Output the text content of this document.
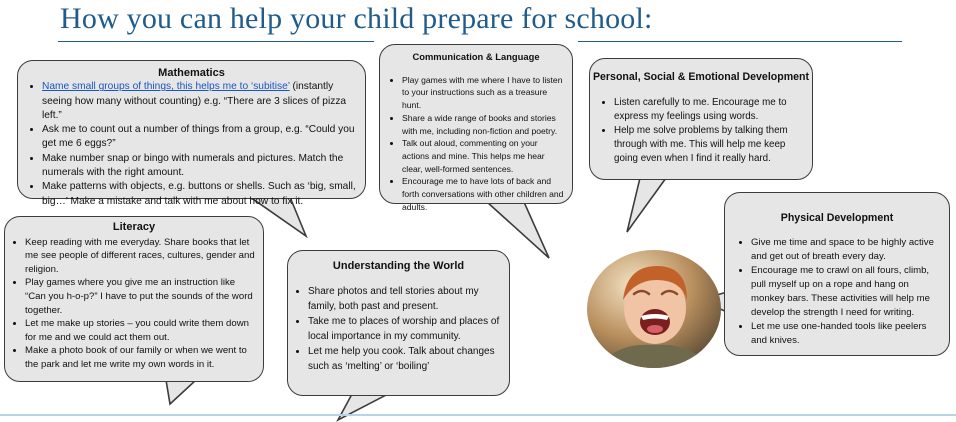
How you can help your child prepare for school:

Mathematics

• Name small groups of things, this helps me to ‘subitise’ (instantly seeing how many without counting) e.g. “There are 3 slices of pizza left.”
• Ask me to count out a number of things from a group, e.g. “Could you get me 6 eggs?”
• Make number snap or bingo with numerals and pictures. Match the numerals with the right amount.
• Make patterns with objects, e.g. buttons or shells. Such as ‘big, small, big…’ Make a mistake and talk with me about how to fix it.

Literacy

• Keep reading with me everyday. Share books that let me see people of different races, cultures, gender and religion.
• Play games where you give me an instruction like “Can you h-o-p?” I have to put the sounds of the word together.
• Let me make up stories – you could write them down for me and we could act them out.
• Make a photo book of our family or when we went to the park and let me write my own words in it.

Communication & Language

• Play games with me where I have to listen to your instructions such as a treasure hunt.
• Share a wide range of books and stories with me, including non-fiction and poetry.
• Talk out aloud, commenting on your actions and mine. This helps me hear clear, well-formed sentences.
• Encourage me to have lots of back and forth conversations with other children and adults.

Understanding the World

• Share photos and tell stories about my family, both past and present.
• Take me to places of worship and places of local importance in my community.
• Let me help you cook. Talk about changes such as ‘melting’ or ‘boiling’

Personal, Social & Emotional Development

• Listen carefully to me. Encourage me to express my feelings using words.
• Help me solve problems by talking them through with me. This will help me keep going even when I find it really hard.

Physical Development

• Give me time and space to be highly active and get out of breath every day.
• Encourage me to crawl on all fours, climb, pull myself up on a rope and hang on monkey bars. These activities will help me develop the strength I need for writing.
• Let me use one-handed tools like peelers and knives.
